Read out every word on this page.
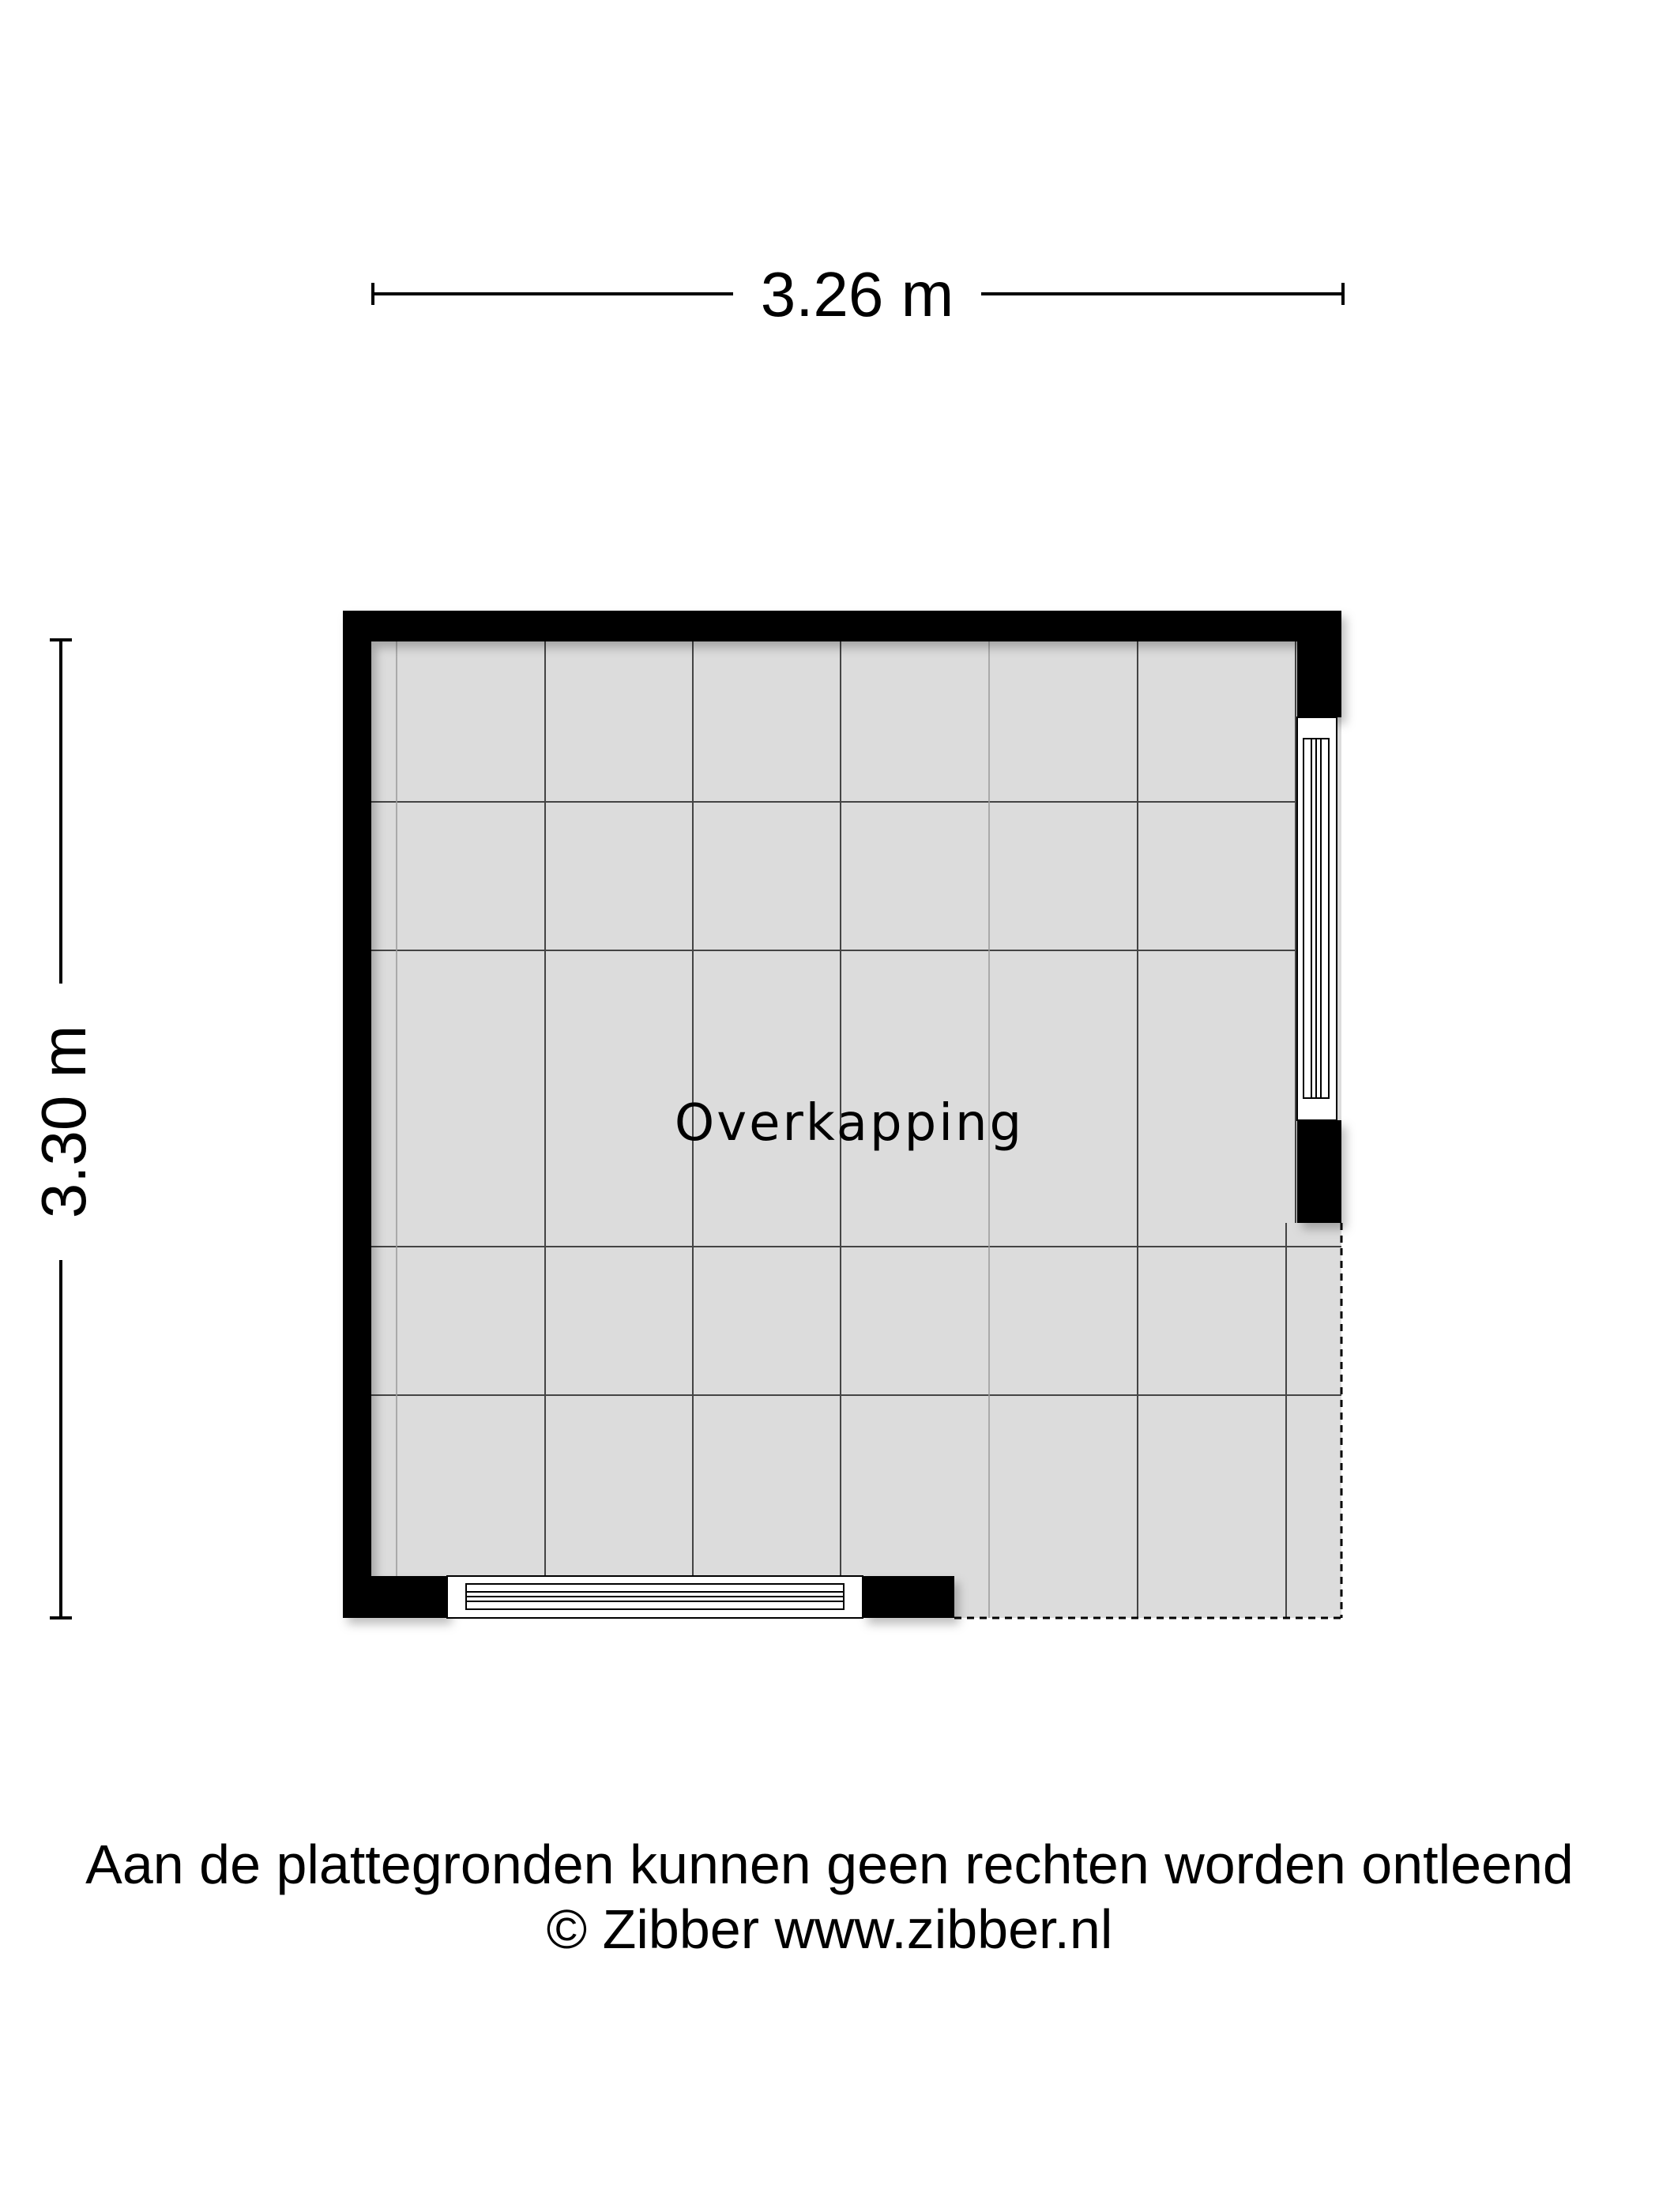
3.26 m
3.30 m	Overkapping
Aan de plattegronden kunnen geen rechten worden ontleend
© Zibber www.zibber.nl
